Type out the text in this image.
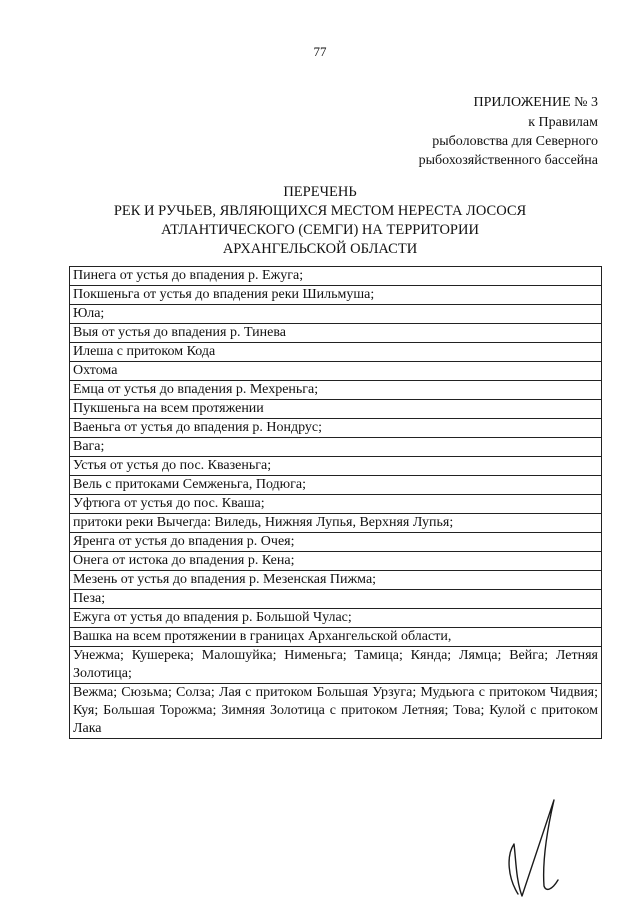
77
ПРИЛОЖЕНИЕ № 3
к Правилам
рыболовства для Северного
рыбохозяйственного бассейна
ПЕРЕЧЕНЬ
РЕК И РУЧЬЕВ, ЯВЛЯЮЩИХСЯ МЕСТОМ НЕРЕСТА ЛОСОСЯ
АТЛАНТИЧЕСКОГО (СЕМГИ) НА ТЕРРИТОРИИ
АРХАНГЕЛЬСКОЙ ОБЛАСТИ
Пинега от устья до впадения р. Ежуга;
Покшеньга от устья до впадения реки Шильмуша;
Юла;
Выя от устья до впадения р. Тинева
Илеша с притоком Кода
Охтома
Емца от устья до впадения р. Мехреньга;
Пукшеньга на всем протяжении
Ваеньга от устья до впадения р. Нондрус;
Вага;
Устья от устья до пос. Квазеньга;
Вель с притоками Семженьга, Подюга;
Уфтюга от устья до пос. Кваша;
притоки реки Вычегда: Виледь, Нижняя Лупья, Верхняя Лупья;
Яренга от устья до впадения р. Очея;
Онега от истока до впадения р. Кена;
Мезень от устья до впадения р. Мезенская Пижма;
Пеза;
Ежуга от устья до впадения р. Большой Чулас;
Вашка на всем протяжении в границах Архангельской области,
Унежма; Кушерека; Малошуйка; Нименьга; Тамица; Кянда; Лямца; Вейга; Летняя Золотица;
Вежма; Сюзьма; Солза; Лая с притоком Большая Урзуга; Мудьюга с притоком Чидвия; Куя; Большая Торожма; Зимняя Золотица с притоком Летняя; Това; Кулой с притоком Лака
